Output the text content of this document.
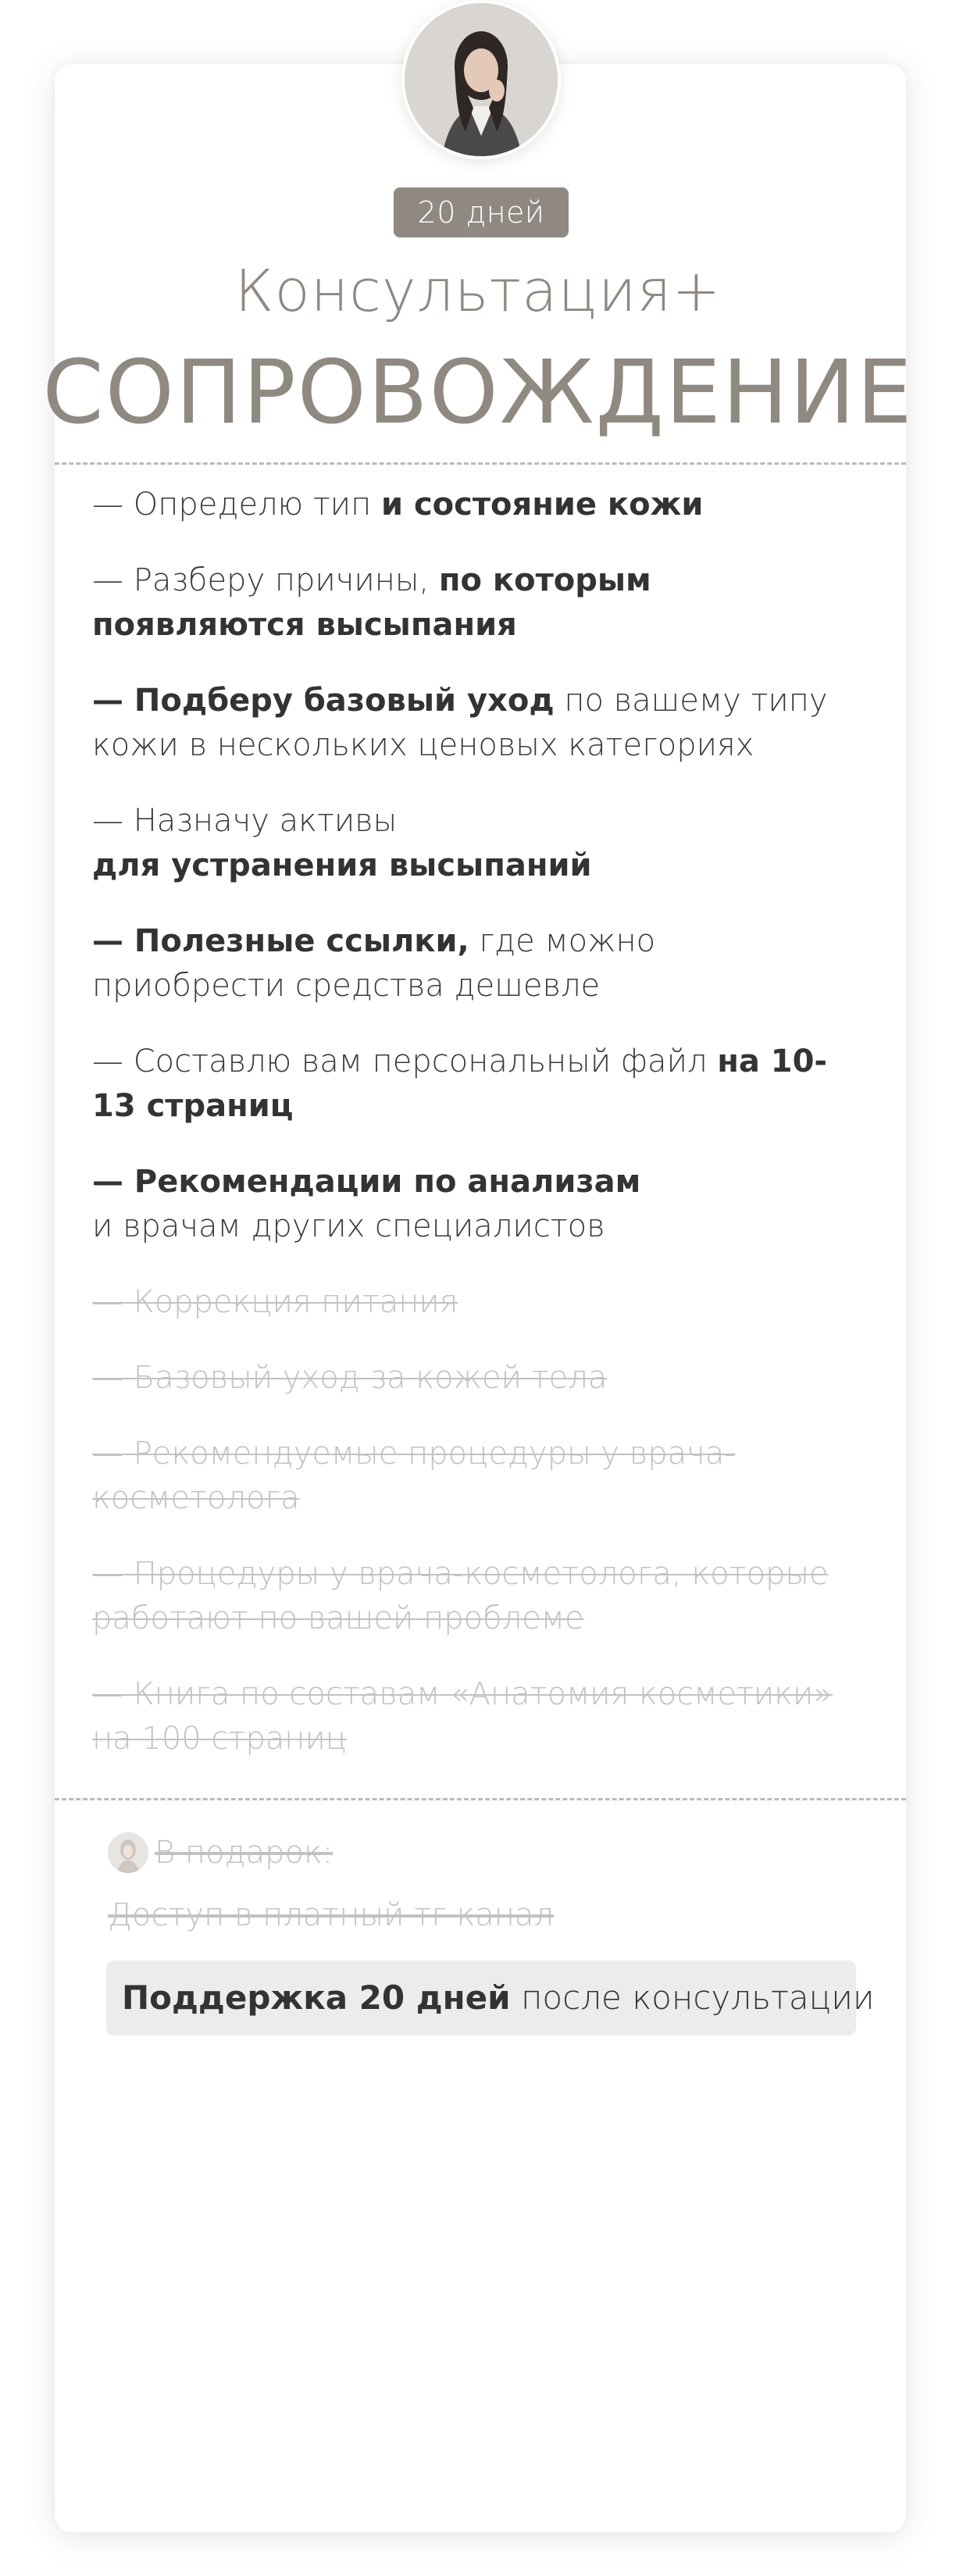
20 дней
Консультация+
СОПРОВОЖДЕНИЕ

— Определю тип и состояние кожи

— Разберу причины, по которым появляются высыпания

— Подберу базовый уход по вашему типу кожи в нескольких ценовых категориях

— Назначу активы
для устранения высыпаний

— Полезные ссылки, где можно приобрести средства дешевле

— Составлю вам персональный файл на 10-13 страниц

— Рекомендации по анализам
и врачам других специалистов

— Коррекция питания

— Базовый уход за кожей тела

— Рекомендуемые процедуры у врача-косметолога

— Процедуры у врача-косметолога, которые работают по вашей проблеме

— Книга по составам «Анатомия косметики» на 100 страниц

В подарок:
Доступ в платный тг канал
Поддержка 20 дней после консультации
